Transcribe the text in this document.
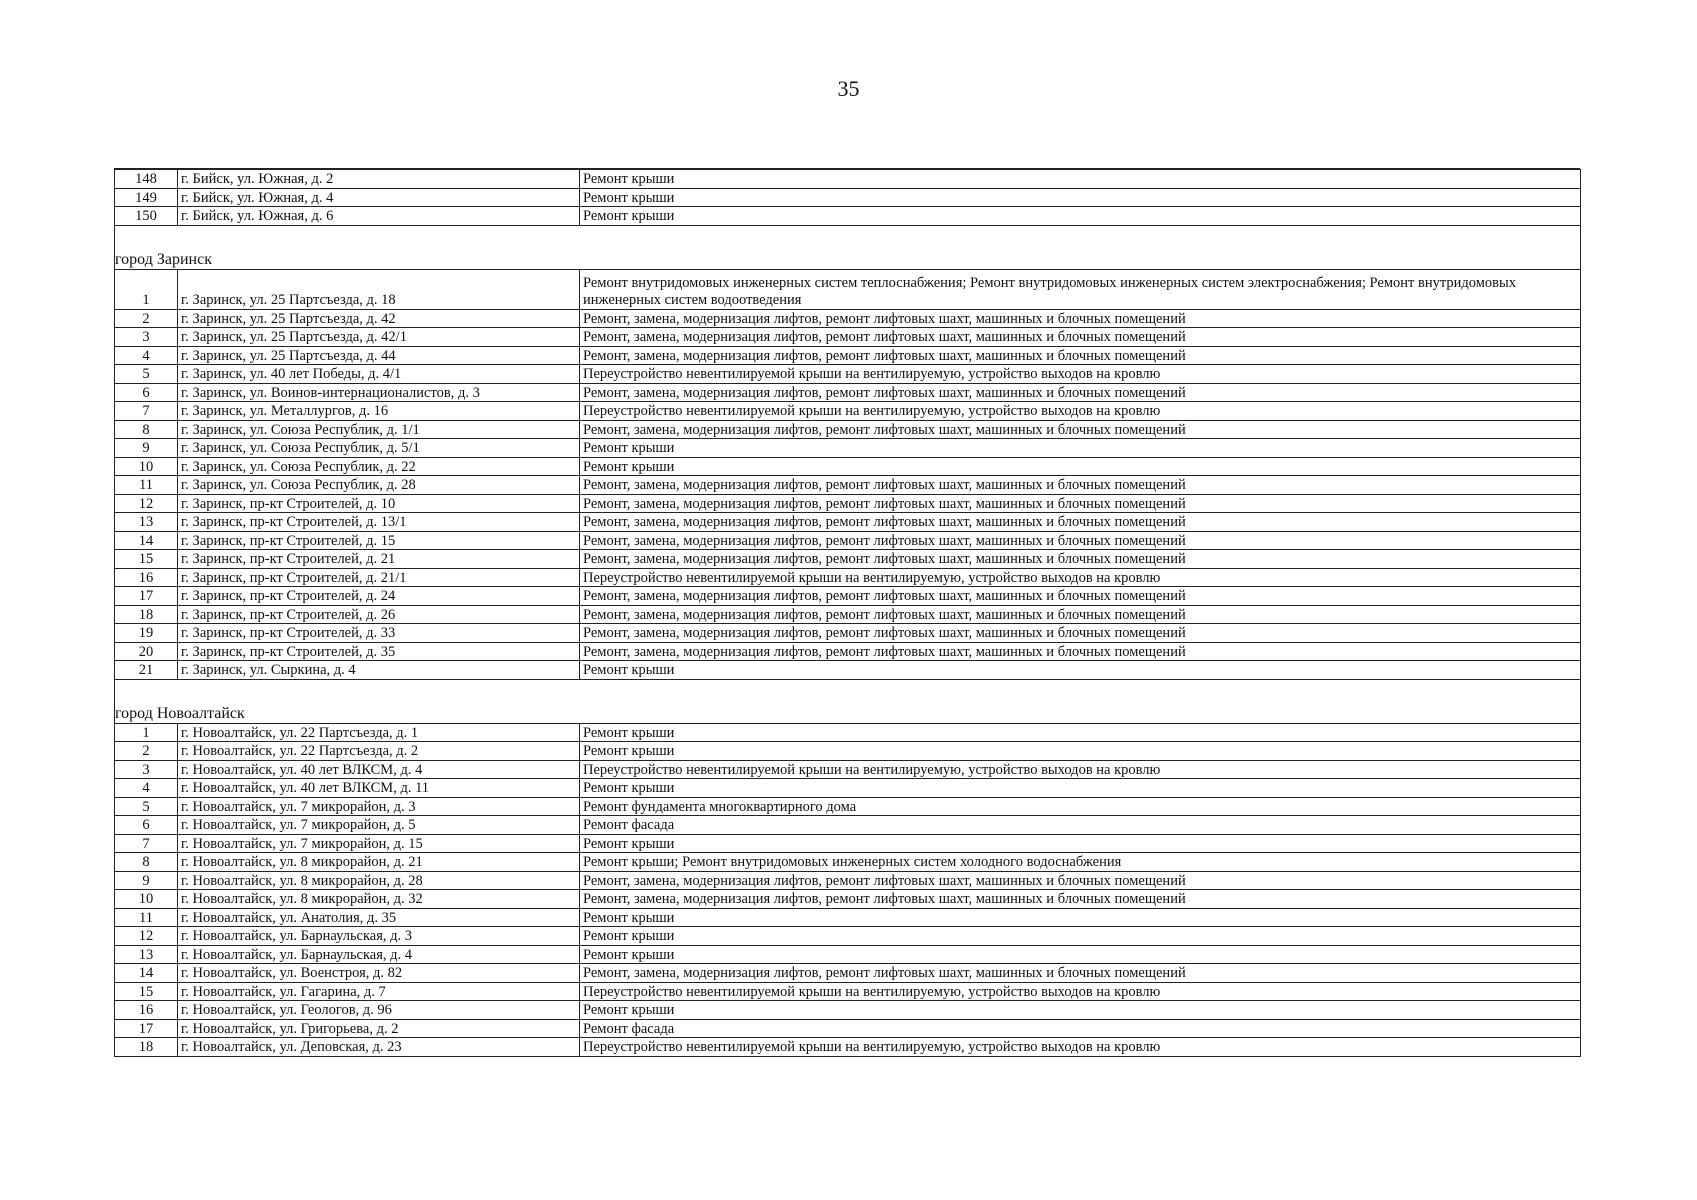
35
148	г. Бийск, ул. Южная, д. 2	Ремонт крыши
149	г. Бийск, ул. Южная, д. 4	Ремонт крыши
150	г. Бийск, ул. Южная, д. 6	Ремонт крыши

город Заринск		
1	г. Заринск, ул. 25 Партсъезда, д. 18	Ремонт внутридомовых инженерных систем теплоснабжения; Ремонт внутридомовых инженерных систем электроснабжения; Ремонт внутридомовых инженерных систем водоотведения
2	г. Заринск, ул. 25 Партсъезда, д. 42	Ремонт, замена, модернизация лифтов, ремонт лифтовых шахт, машинных и блочных помещений
3	г. Заринск, ул. 25 Партсъезда, д. 42/1	Ремонт, замена, модернизация лифтов, ремонт лифтовых шахт, машинных и блочных помещений
4	г. Заринск, ул. 25 Партсъезда, д. 44	Ремонт, замена, модернизация лифтов, ремонт лифтовых шахт, машинных и блочных помещений
5	г. Заринск, ул. 40 лет Победы, д. 4/1	Переустройство невентилируемой крыши на вентилируемую, устройство выходов на кровлю
6	г. Заринск, ул. Воинов-интернационалистов, д. 3	Ремонт, замена, модернизация лифтов, ремонт лифтовых шахт, машинных и блочных помещений
7	г. Заринск, ул. Металлургов, д. 16	Переустройство невентилируемой крыши на вентилируемую, устройство выходов на кровлю
8	г. Заринск, ул. Союза Республик, д. 1/1	Ремонт, замена, модернизация лифтов, ремонт лифтовых шахт, машинных и блочных помещений
9	г. Заринск, ул. Союза Республик, д. 5/1	Ремонт крыши
10	г. Заринск, ул. Союза Республик, д. 22	Ремонт крыши
11	г. Заринск, ул. Союза Республик, д. 28	Ремонт, замена, модернизация лифтов, ремонт лифтовых шахт, машинных и блочных помещений
12	г. Заринск, пр-кт Строителей, д. 10	Ремонт, замена, модернизация лифтов, ремонт лифтовых шахт, машинных и блочных помещений
13	г. Заринск, пр-кт Строителей, д. 13/1	Ремонт, замена, модернизация лифтов, ремонт лифтовых шахт, машинных и блочных помещений
14	г. Заринск, пр-кт Строителей, д. 15	Ремонт, замена, модернизация лифтов, ремонт лифтовых шахт, машинных и блочных помещений
15	г. Заринск, пр-кт Строителей, д. 21	Ремонт, замена, модернизация лифтов, ремонт лифтовых шахт, машинных и блочных помещений
16	г. Заринск, пр-кт Строителей, д. 21/1	Переустройство невентилируемой крыши на вентилируемую, устройство выходов на кровлю
17	г. Заринск, пр-кт Строителей, д. 24	Ремонт, замена, модернизация лифтов, ремонт лифтовых шахт, машинных и блочных помещений
18	г. Заринск, пр-кт Строителей, д. 26	Ремонт, замена, модернизация лифтов, ремонт лифтовых шахт, машинных и блочных помещений
19	г. Заринск, пр-кт Строителей, д. 33	Ремонт, замена, модернизация лифтов, ремонт лифтовых шахт, машинных и блочных помещений
20	г. Заринск, пр-кт Строителей, д. 35	Ремонт, замена, модернизация лифтов, ремонт лифтовых шахт, машинных и блочных помещений
21	г. Заринск, ул. Сыркина, д. 4	Ремонт крыши

город Новоалтайск		
1	г. Новоалтайск, ул. 22 Партсъезда, д. 1	Ремонт крыши
2	г. Новоалтайск, ул. 22 Партсъезда, д. 2	Ремонт крыши
3	г. Новоалтайск, ул. 40 лет ВЛКСМ, д. 4	Переустройство невентилируемой крыши на вентилируемую, устройство выходов на кровлю
4	г. Новоалтайск, ул. 40 лет ВЛКСМ, д. 11	Ремонт крыши
5	г. Новоалтайск, ул. 7 микрорайон, д. 3	Ремонт фундамента многоквартирного дома
6	г. Новоалтайск, ул. 7 микрорайон, д. 5	Ремонт фасада
7	г. Новоалтайск, ул. 7 микрорайон, д. 15	Ремонт крыши
8	г. Новоалтайск, ул. 8 микрорайон, д. 21	Ремонт крыши; Ремонт внутридомовых инженерных систем холодного водоснабжения
9	г. Новоалтайск, ул. 8 микрорайон, д. 28	Ремонт, замена, модернизация лифтов, ремонт лифтовых шахт, машинных и блочных помещений
10	г. Новоалтайск, ул. 8 микрорайон, д. 32	Ремонт, замена, модернизация лифтов, ремонт лифтовых шахт, машинных и блочных помещений
11	г. Новоалтайск, ул. Анатолия, д. 35	Ремонт крыши
12	г. Новоалтайск, ул. Барнаульская, д. 3	Ремонт крыши
13	г. Новоалтайск, ул. Барнаульская, д. 4	Ремонт крыши
14	г. Новоалтайск, ул. Военстроя, д. 82	Ремонт, замена, модернизация лифтов, ремонт лифтовых шахт, машинных и блочных помещений
15	г. Новоалтайск, ул. Гагарина, д. 7	Переустройство невентилируемой крыши на вентилируемую, устройство выходов на кровлю
16	г. Новоалтайск, ул. Геологов, д. 96	Ремонт крыши
17	г. Новоалтайск, ул. Григорьева, д. 2	Ремонт фасада
18	г. Новоалтайск, ул. Деповская, д. 23	Переустройство невентилируемой крыши на вентилируемую, устройство выходов на кровлю
